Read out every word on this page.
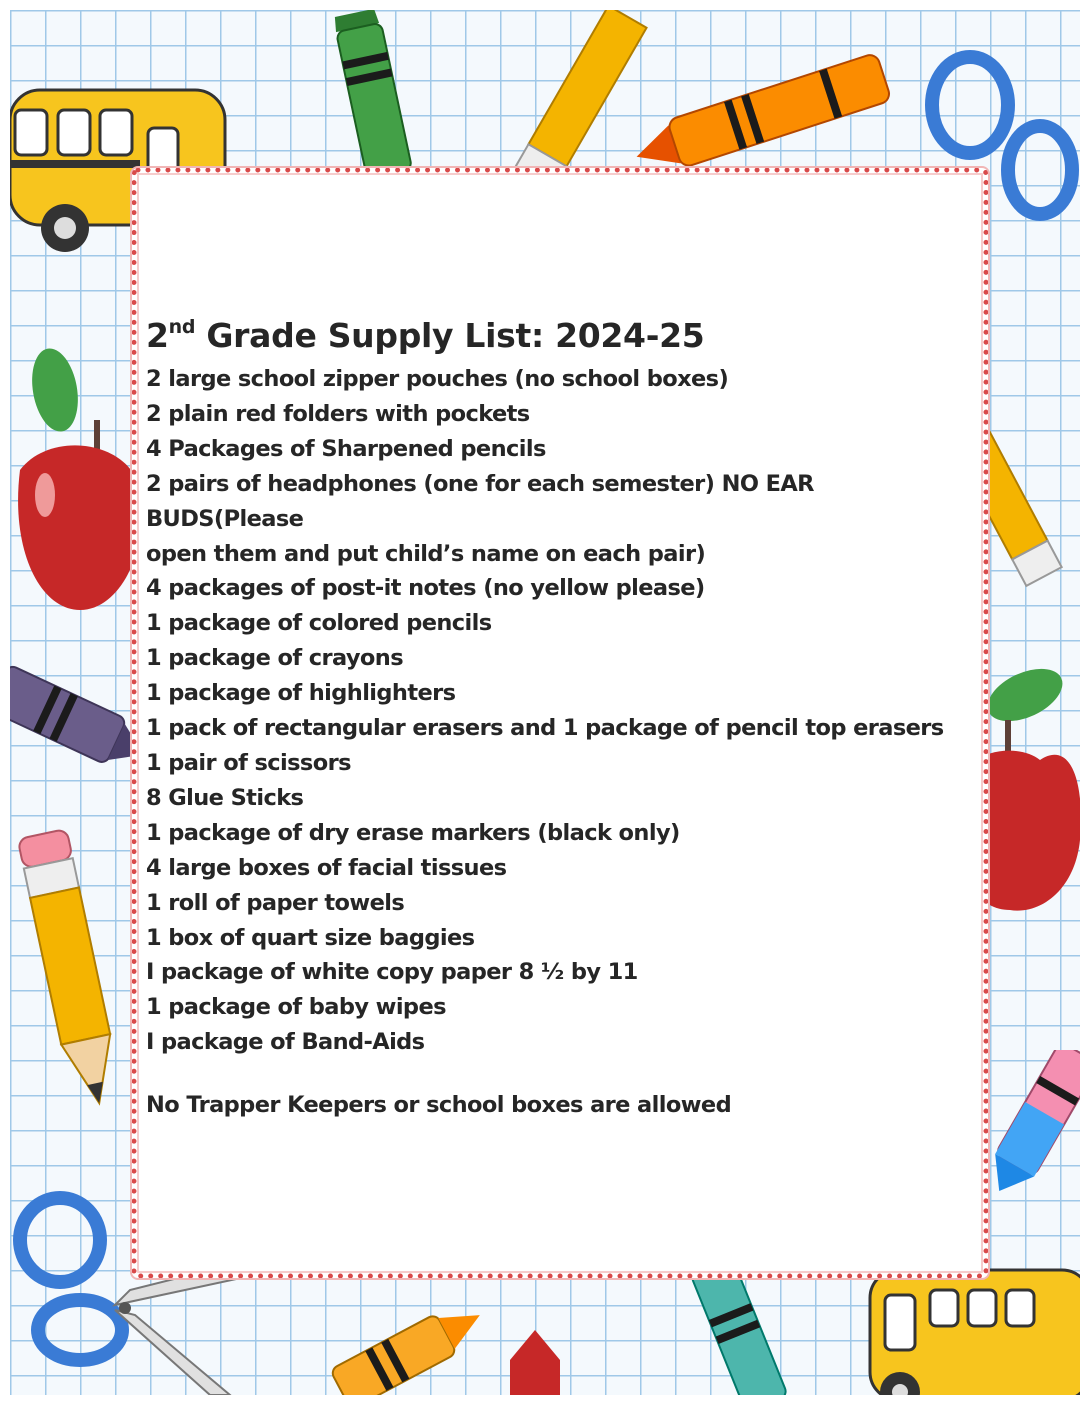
2nd Grade Supply List: 2024-25
2 large school zipper pouches (no school boxes)
2 plain red folders with pockets
4 Packages of Sharpened pencils
2 pairs of headphones (one for each semester) NO EAR BUDS(Please
open them and put child’s name on each pair)
4 packages of post-it notes (no yellow please)
1 package of colored pencils
1 package of crayons
1 package of highlighters
1 pack of rectangular erasers and 1 package of pencil top erasers
1 pair of scissors
8 Glue Sticks
1 package of dry erase markers (black only)
4 large boxes of facial tissues
1 roll of paper towels
1 box of quart size baggies
I package of white copy paper 8 ½ by 11
1 package of baby wipes
I package of Band-Aids
No Trapper Keepers or school boxes are allowed
